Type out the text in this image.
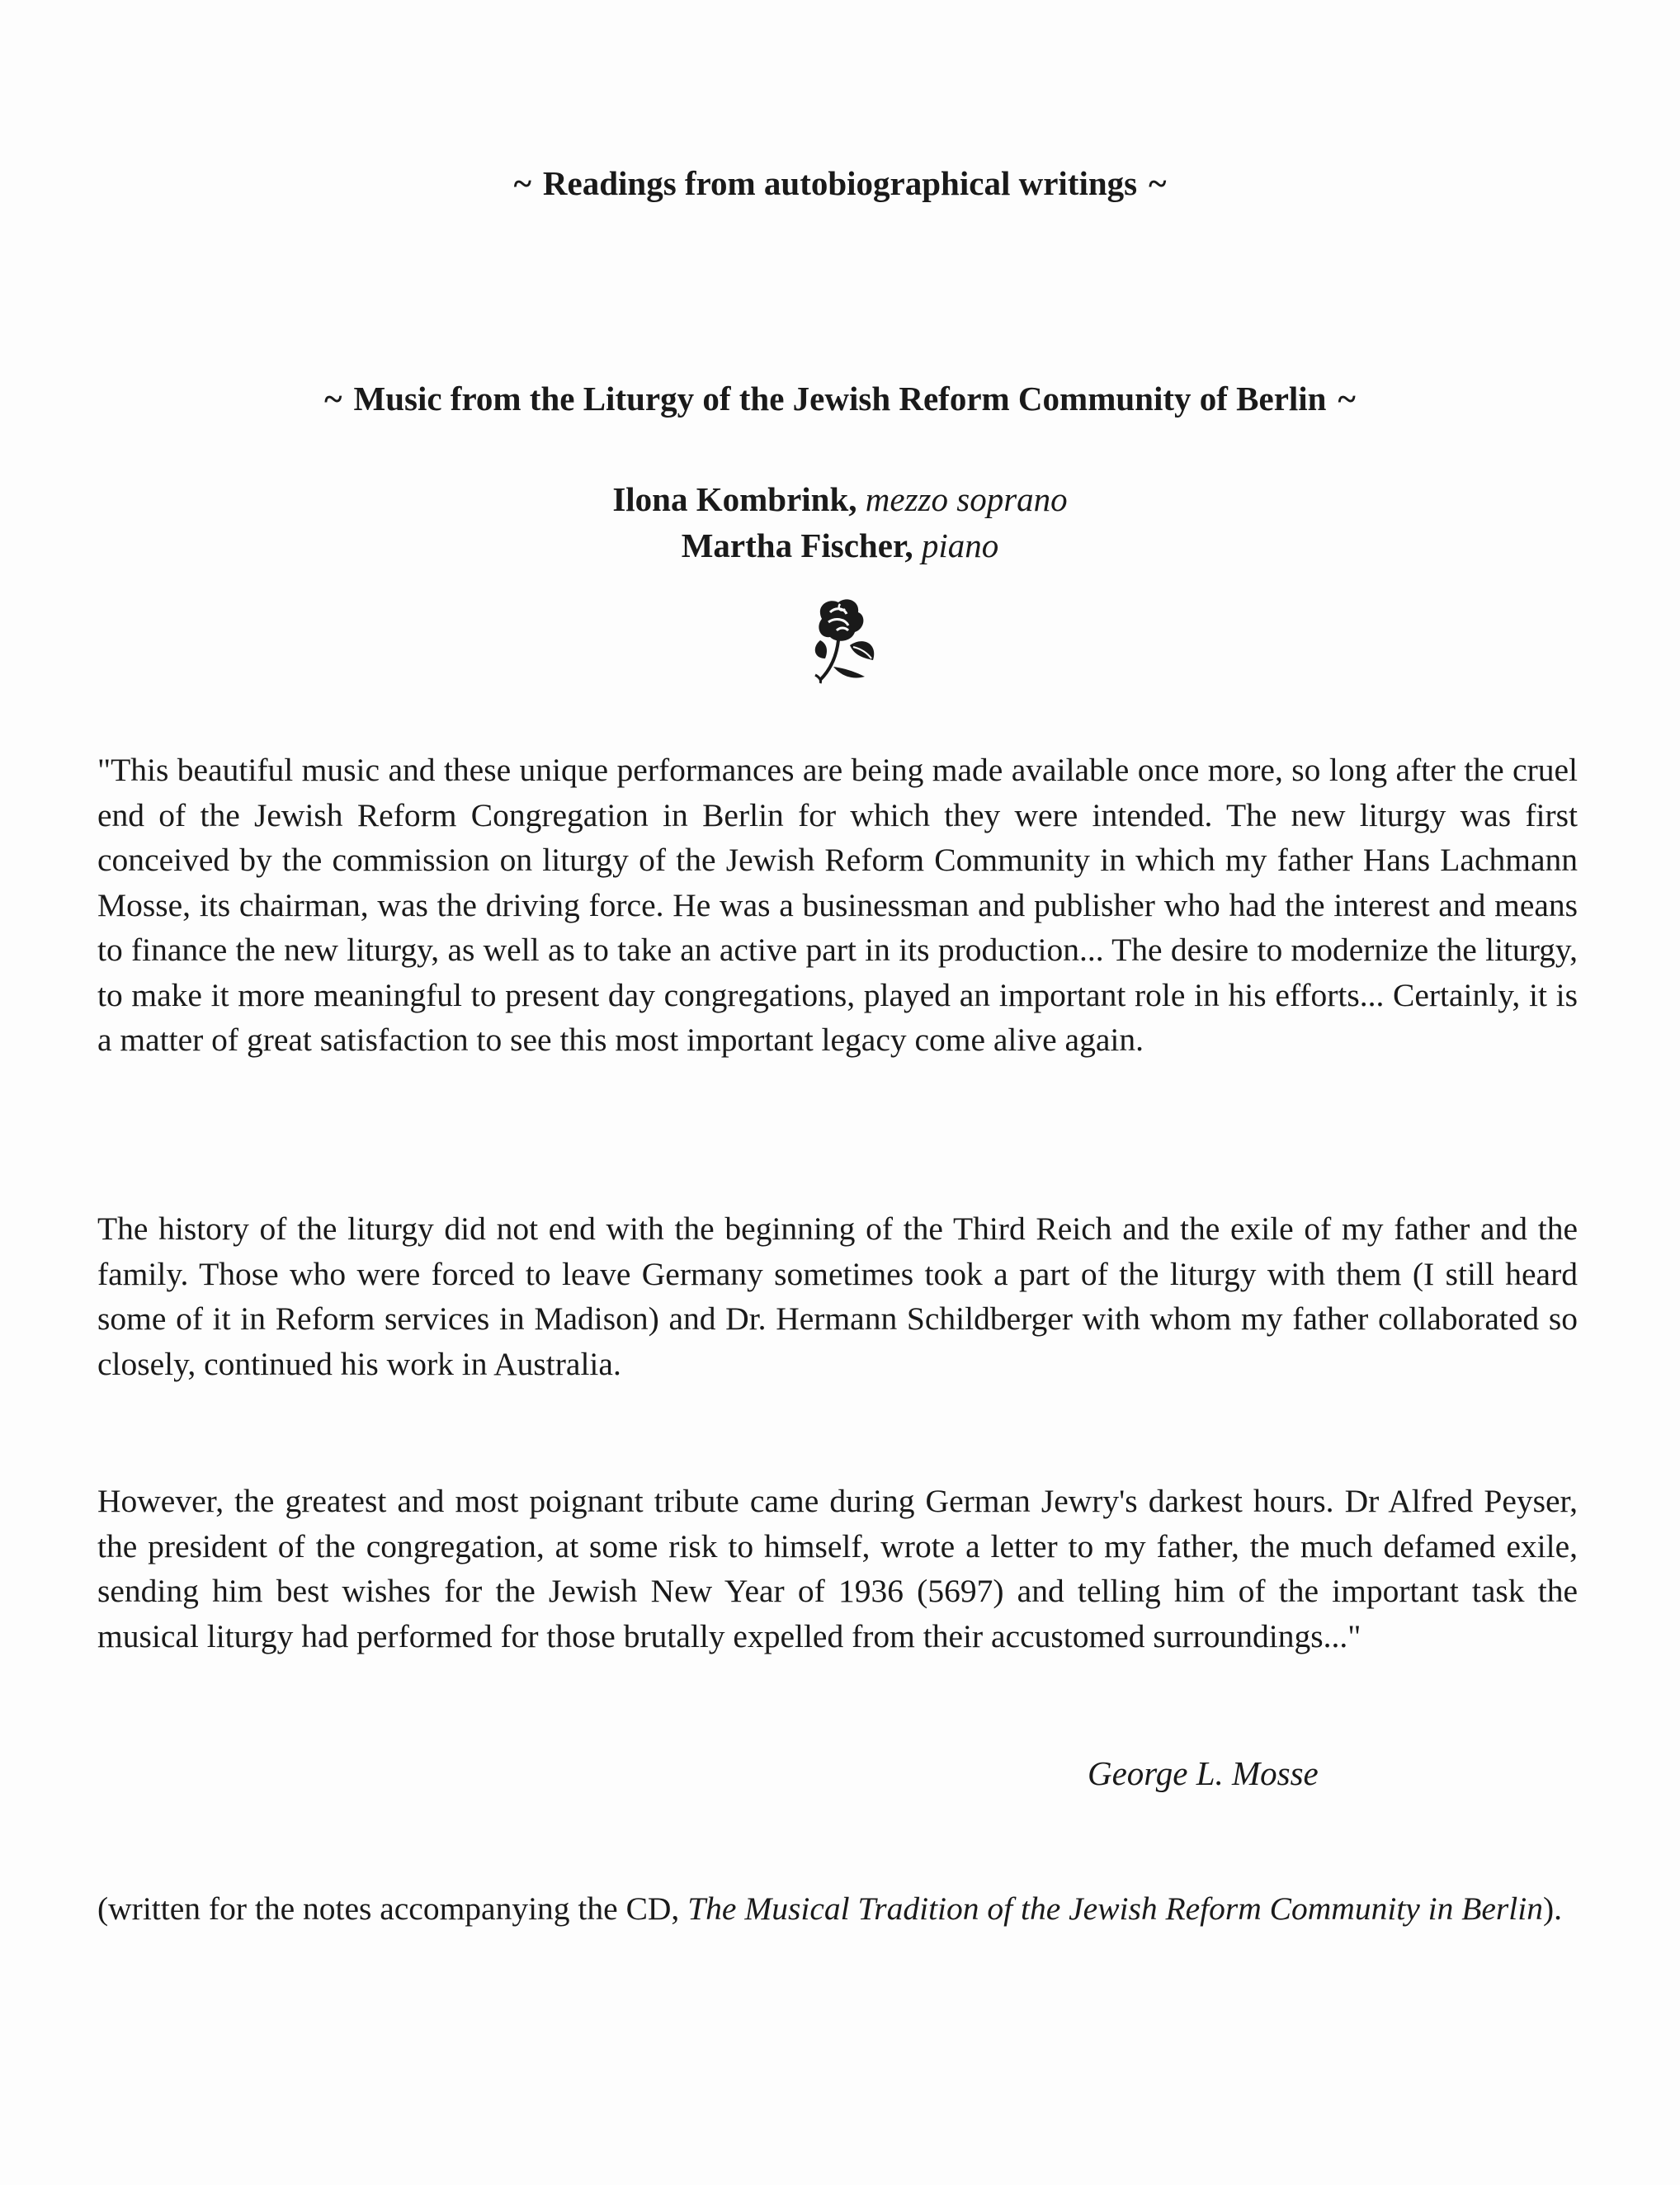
~ Readings from autobiographical writings ~
~ Music from the Liturgy of the Jewish Reform Community of Berlin ~
Ilona Kombrink, mezzo soprano
Martha Fischer, piano

"This beautiful music and these unique performances are being made available once more, so long after the cruel end of the Jewish Reform Congregation in Berlin for which they were intended. The new liturgy was first conceived by the commission on liturgy of the Jewish Reform Community in which my father Hans Lachmann Mosse, its chairman, was the driving force. He was a businessman and publisher who had the interest and means to finance the new liturgy, as well as to take an active part in its production... The desire to modernize the liturgy, to make it more meaningful to present day congregations, played an important role in his efforts... Certainly, it is a matter of great satisfaction to see this most important legacy come alive again.

The history of the liturgy did not end with the beginning of the Third Reich and the exile of my father and the family. Those who were forced to leave Germany sometimes took a part of the liturgy with them (I still heard some of it in Reform services in Madison) and Dr. Hermann Schildberger with whom my father collaborated so closely, continued his work in Australia.

However, the greatest and most poignant tribute came during German Jewry's darkest hours. Dr Alfred Peyser, the president of the congregation, at some risk to himself, wrote a letter to my father, the much defamed exile, sending him best wishes for the Jewish New Year of 1936 (5697) and telling him of the important task the musical liturgy had performed for those brutally expelled from their accustomed surroundings..."

George L. Mosse
(written for the notes accompanying the CD, The Musical Tradition of the Jewish Reform Community in Berlin).
